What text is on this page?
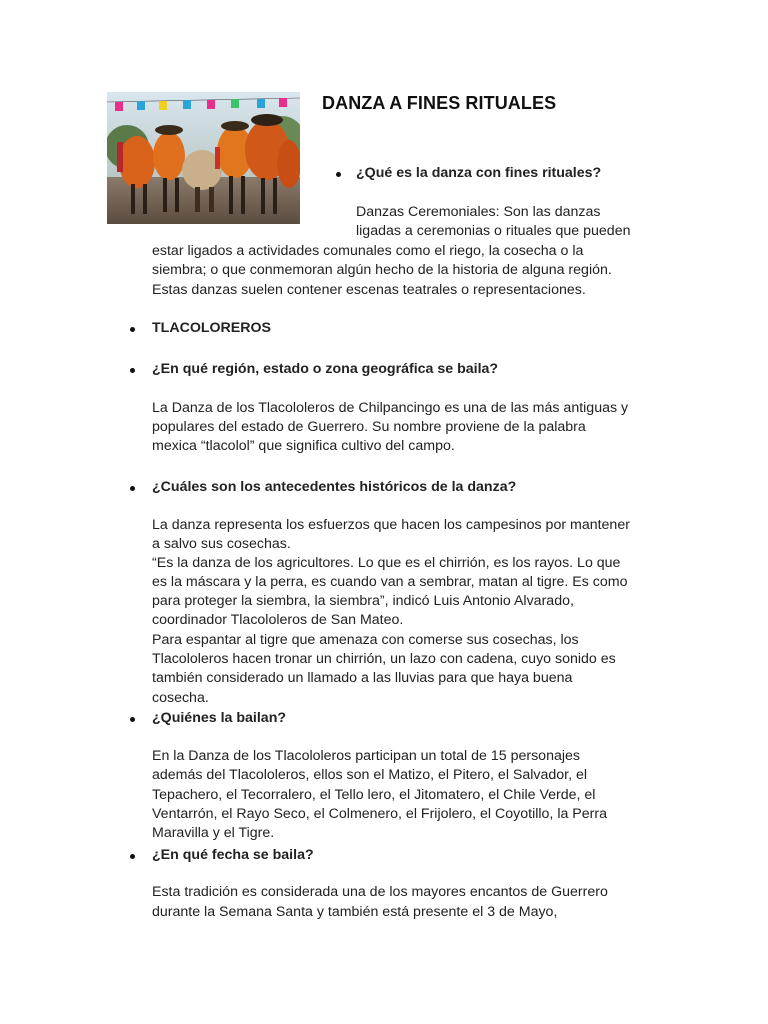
DANZA A FINES RITUALES
¿Qué es la danza con fines rituales?
Danzas Ceremoniales: Son las danzas
ligadas a ceremonias o rituales que pueden
estar ligados a actividades comunales como el riego, la cosecha o la
siembra; o que conmemoran algún hecho de la historia de alguna región.
Estas danzas suelen contener escenas teatrales o representaciones.
TLACOLOREROS
¿En qué región, estado o zona geográfica se baila?
La Danza de los Tlacololeros de Chilpancingo es una de las más antiguas y
populares del estado de Guerrero. Su nombre proviene de la palabra
mexica “tlacolol” que significa cultivo del campo.
¿Cuáles son los antecedentes históricos de la danza?
La danza representa los esfuerzos que hacen los campesinos por mantener
a salvo sus cosechas.
“Es la danza de los agricultores. Lo que es el chirrión, es los rayos. Lo que
es la máscara y la perra, es cuando van a sembrar, matan al tigre. Es como
para proteger la siembra, la siembra”, indicó Luis Antonio Alvarado,
coordinador Tlacololeros de San Mateo.
Para espantar al tigre que amenaza con comerse sus cosechas, los
Tlacololeros hacen tronar un chirrión, un lazo con cadena, cuyo sonido es
también considerado un llamado a las lluvias para que haya buena
cosecha.
¿Quiénes la bailan?
En la Danza de los Tlacololeros participan un total de 15 personajes
además del Tlacololeros, ellos son el Matizo, el Pitero, el Salvador, el
Tepachero, el Tecorralero, el Tello lero, el Jitomatero, el Chile Verde, el
Ventarrón, el Rayo Seco, el Colmenero, el Frijolero, el Coyotillo, la Perra
Maravilla y el Tigre.
¿En qué fecha se baila?
Esta tradición es considerada una de los mayores encantos de Guerrero
durante la Semana Santa y también está presente el 3 de Mayo,
